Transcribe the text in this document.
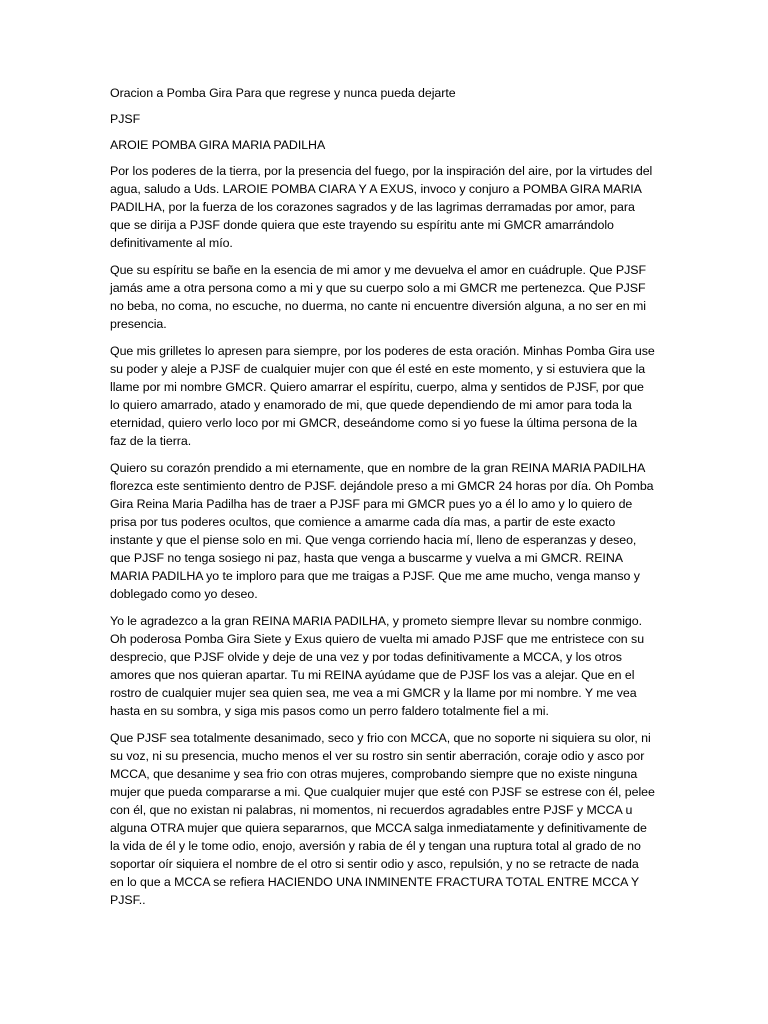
Oracion a Pomba Gira Para que regrese y nunca pueda dejarte
PJSF
AROIE POMBA GIRA MARIA PADILHA

Por los poderes de la tierra, por la presencia del fuego, por la inspiración del aire, por la virtudes del agua, saludo a Uds. LAROIE POMBA CIARA Y A EXUS, invoco y conjuro a POMBA GIRA MARIA PADILHA, por la fuerza de los corazones sagrados y de las lagrimas derramadas por amor, para que se dirija a PJSF donde quiera que este trayendo su espíritu ante mi GMCR amarrándolo definitivamente al mío.

Que su espíritu se bañe en la esencia de mi amor y me devuelva el amor en cuádruple. Que PJSF jamás ame a otra persona como a mi y que su cuerpo solo a mi GMCR me pertenezca. Que PJSF no beba, no coma, no escuche, no duerma, no cante ni encuentre diversión alguna, a no ser en mi presencia.

Que mis grilletes lo apresen para siempre, por los poderes de esta oración. Minhas Pomba Gira use su poder y aleje a PJSF de cualquier mujer con que él esté en este momento, y si estuviera que la llame por mi nombre GMCR. Quiero amarrar el espíritu, cuerpo, alma y sentidos de PJSF, por que lo quiero amarrado, atado y enamorado de mi, que quede dependiendo de mi amor para toda la eternidad, quiero verlo loco por mi GMCR, deseándome como si yo fuese la última persona de la faz de la tierra.

Quiero su corazón prendido a mi eternamente, que en nombre de la gran REINA MARIA PADILHA florezca este sentimiento dentro de PJSF. dejándole preso a mi GMCR 24 horas por día. Oh Pomba Gira Reina Maria Padilha has de traer a PJSF para mi GMCR pues yo a él lo amo y lo quiero de prisa por tus poderes ocultos, que comience a amarme cada día mas, a partir de este exacto instante y que el piense solo en mi. Que venga corriendo hacia mí, lleno de esperanzas y deseo, que PJSF no tenga sosiego ni paz, hasta que venga a buscarme y vuelva a mi GMCR. REINA MARIA PADILHA yo te imploro para que me traigas a PJSF. Que me ame mucho, venga manso y doblegado como yo deseo.

Yo le agradezco a la gran REINA MARIA PADILHA, y prometo siempre llevar su nombre conmigo. Oh poderosa Pomba Gira Siete y Exus quiero de vuelta mi amado PJSF que me entristece con su desprecio, que PJSF olvide y deje de una vez y por todas definitivamente a MCCA, y los otros amores que nos quieran apartar. Tu mi REINA ayúdame que de PJSF los vas a alejar. Que en el rostro de cualquier mujer sea quien sea, me vea a mi GMCR y la llame por mi nombre. Y me vea hasta en su sombra, y siga mis pasos como un perro faldero totalmente fiel a mi.

Que PJSF sea totalmente desanimado, seco y frio con MCCA, que no soporte ni siquiera su olor, ni su voz, ni su presencia, mucho menos el ver su rostro sin sentir aberración, coraje odio y asco por MCCA, que desanime y sea frio con otras mujeres, comprobando siempre que no existe ninguna mujer que pueda compararse a mi. Que cualquier mujer que esté con PJSF se estrese con él, pelee con él, que no existan ni palabras, ni momentos, ni recuerdos agradables entre PJSF y MCCA u alguna OTRA mujer que quiera separarnos, que MCCA salga inmediatamente y definitivamente de la vida de él y le tome odio, enojo, aversión y rabia de él y tengan una ruptura total al grado de no soportar oír siquiera el nombre de el otro si sentir odio y asco, repulsión, y no se retracte de nada en lo que a MCCA se refiera HACIENDO UNA INMINENTE FRACTURA TOTAL ENTRE MCCA Y PJSF..
